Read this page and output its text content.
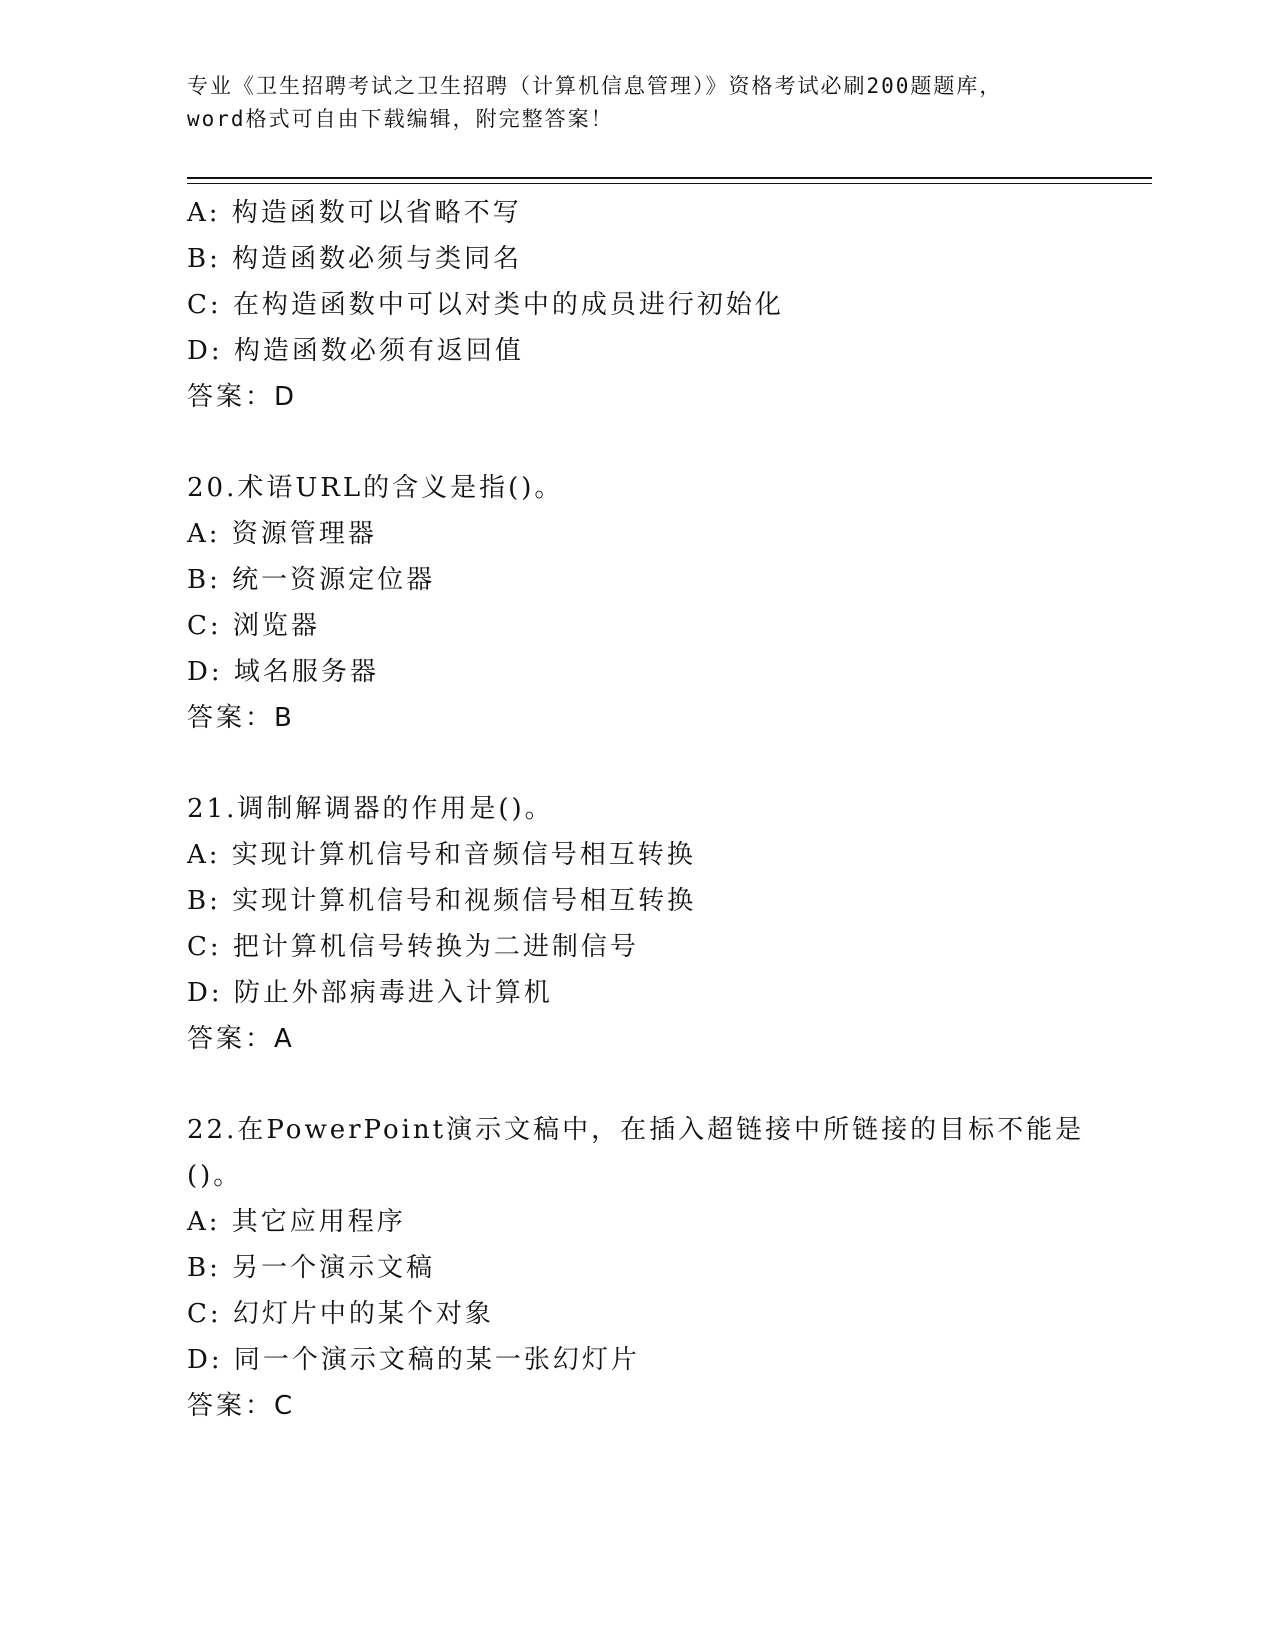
专业《卫生招聘考试之卫生招聘（计算机信息管理）》资格考试必刷200题题库，
word格式可自由下载编辑，附完整答案！
A: 构造函数可以省略不写
B: 构造函数必须与类同名
C: 在构造函数中可以对类中的成员进行初始化
D: 构造函数必须有返回值
答案：D
20.术语URL的含义是指()。
A: 资源管理器
B: 统一资源定位器
C: 浏览器
D: 域名服务器
答案：B
21.调制解调器的作用是()。
A: 实现计算机信号和音频信号相互转换
B: 实现计算机信号和视频信号相互转换
C: 把计算机信号转换为二进制信号
D: 防止外部病毒进入计算机
答案：A
22.在PowerPoint演示文稿中，在插入超链接中所链接的目标不能是
()。
A: 其它应用程序
B: 另一个演示文稿
C: 幻灯片中的某个对象
D: 同一个演示文稿的某一张幻灯片
答案：C
